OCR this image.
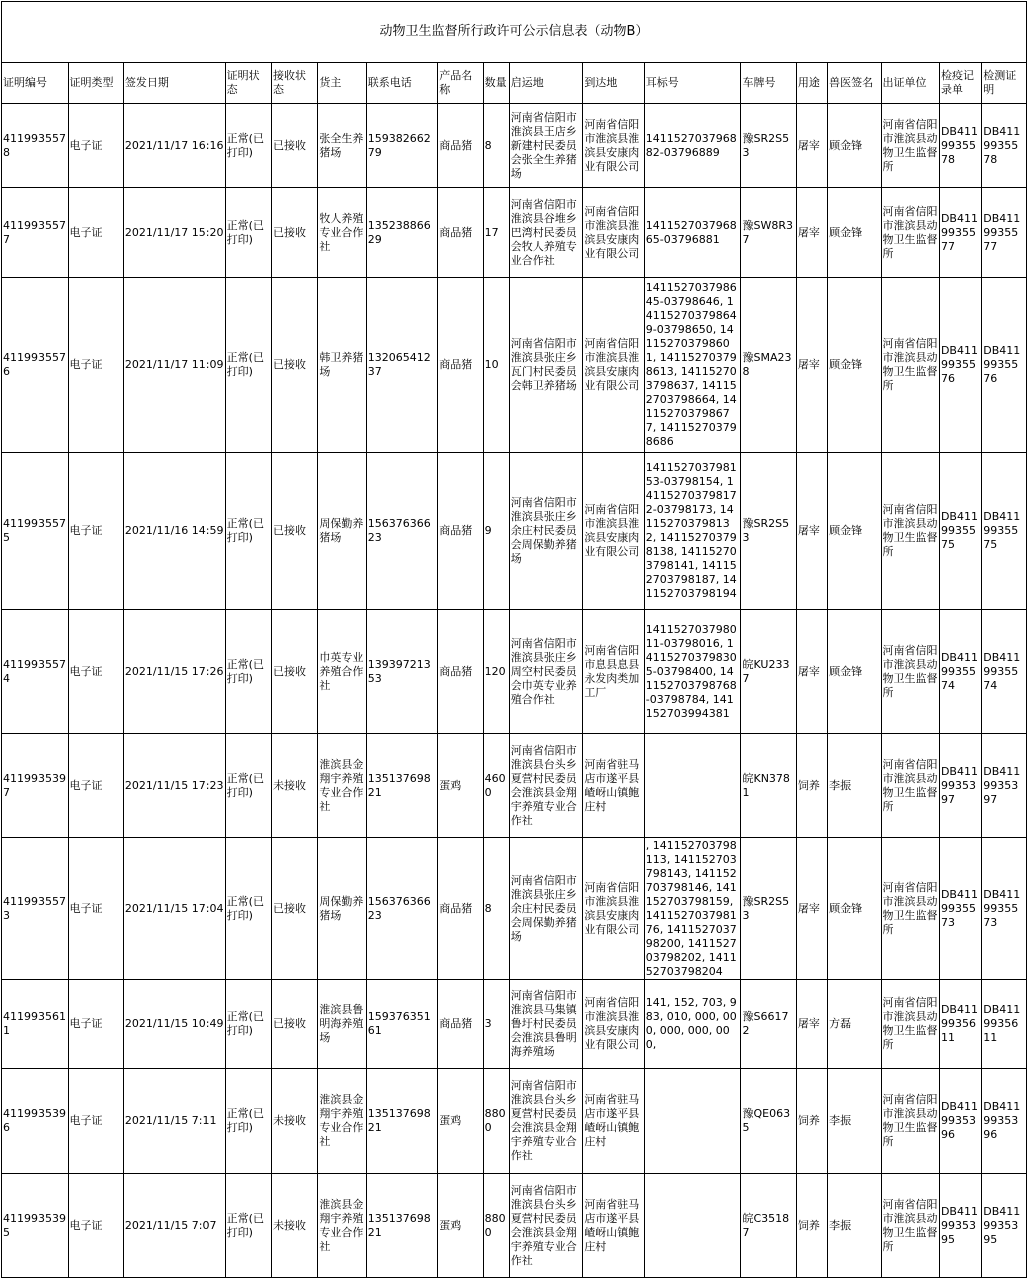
动物卫生监督所行政许可公示信息表（动物B）																	
证明编号	证明类型	签发日期	证明状态	接收状态	货主	联系电话	产品名称	数量	启运地	到达地	耳标号	车牌号	用途	兽医签名	出证单位	检疫记录单	检测证明
4119935578	电子证	2021/11/17 16:16	正常(已打印)	已接收	张全生养猪场	15938266279	商品猪	8	河南省信阳市淮滨县王店乡新建村民委员会张全生养猪场	河南省信阳市淮滨县淮滨县安康肉业有限公司	141152703796882-03796889	豫SR2S53	屠宰	顾金锋	河南省信阳市淮滨县动物卫生监督所	DB4119935578	DB4119935578
4119935577	电子证	2021/11/17 15:20	正常(已打印)	已接收	牧人养殖专业合作社	13523886629	商品猪	17	河南省信阳市淮滨县谷堆乡巴湾村民委员会牧人养殖专业合作社	河南省信阳市淮滨县淮滨县安康肉业有限公司	141152703796865-03796881	豫SW8R37	屠宰	顾金锋	河南省信阳市淮滨县动物卫生监督所	DB4119935577	DB4119935577
4119935576	电子证	2021/11/17 11:09	正常(已打印)	已接收	韩卫养猪场	13206541237	商品猪	10	河南省信阳市淮滨县张庄乡瓦门村民委员会韩卫养猪场	河南省信阳市淮滨县淮滨县安康肉业有限公司	141152703798645-03798646, 141152703798649-03798650, 141152703798601, 141152703798613, 141152703798637, 141152703798664, 141152703798677, 141152703798686	豫SMA238	屠宰	顾金锋	河南省信阳市淮滨县动物卫生监督所	DB4119935576	DB4119935576
4119935575	电子证	2021/11/16 14:59	正常(已打印)	已接收	周保勤养猪场	15637636623	商品猪	9	河南省信阳市淮滨县张庄乡余庄村民委员会周保勤养猪场	河南省信阳市淮滨县淮滨县安康肉业有限公司	141152703798153-03798154, 141152703798172-03798173, 141152703798132, 141152703798138, 141152703798141, 141152703798187, 141152703798194	豫SR2S53	屠宰	顾金锋	河南省信阳市淮滨县动物卫生监督所	DB4119935575	DB4119935575
4119935574	电子证	2021/11/15 17:26	正常(已打印)	已接收	巾英专业养殖合作社	13939721353	商品猪	120	河南省信阳市淮滨县张庄乡周空村民委员会巾英专业养殖合作社	河南省信阳市息县息县永发肉类加工厂	141152703798011-03798016, 141152703798305-03798400, 141152703798768-03798784, 141152703994381	皖KU2337	屠宰	顾金锋	河南省信阳市淮滨县动物卫生监督所	DB4119935574	DB4119935574
4119935397	电子证	2021/11/15 17:23	正常(已打印)	未接收	淮滨县金翔宇养殖专业合作社	13513769821	蛋鸡	4600	河南省信阳市淮滨县台头乡夏营村民委员会淮滨县金翔宇养殖专业合作社	河南省驻马店市遂平县嵖岈山镇鲍庄村		皖KN3781	饲养	李振	河南省信阳市淮滨县动物卫生监督所	DB4119935397	DB4119935397
4119935573	电子证	2021/11/15 17:04	正常(已打印)	已接收	周保勤养猪场	15637636623	商品猪	8	河南省信阳市淮滨县张庄乡余庄村民委员会周保勤养猪场	河南省信阳市淮滨县淮滨县安康肉业有限公司	, 141152703798113, 141152703798143, 141152703798146, 141152703798159, 141152703798176, 141152703798200, 141152703798202, 141152703798204	豫SR2S53	屠宰	顾金锋	河南省信阳市淮滨县动物卫生监督所	DB4119935573	DB4119935573
4119935611	电子证	2021/11/15 10:49	正常(已打印)	已接收	淮滨县鲁明海养殖场	15937635161	商品猪	3	河南省信阳市淮滨县马集镇鲁圩村民委员会淮滨县鲁明海养殖场	河南省信阳市淮滨县淮滨县安康肉业有限公司	141, 152, 703, 983, 010, 000, 000, 000, 000, 000,	豫S66172	屠宰	方磊	河南省信阳市淮滨县动物卫生监督所	DB4119935611	DB4119935611
4119935396	电子证	2021/11/15 7:11	正常(已打印)	未接收	淮滨县金翔宇养殖专业合作社	13513769821	蛋鸡	8800	河南省信阳市淮滨县台头乡夏营村民委员会淮滨县金翔宇养殖专业合作社	河南省驻马店市遂平县嵖岈山镇鲍庄村		豫QE0635	饲养	李振	河南省信阳市淮滨县动物卫生监督所	DB4119935396	DB4119935396
4119935395	电子证	2021/11/15 7:07	正常(已打印)	未接收	淮滨县金翔宇养殖专业合作社	13513769821	蛋鸡	8800	河南省信阳市淮滨县台头乡夏营村民委员会淮滨县金翔宇养殖专业合作社	河南省驻马店市遂平县嵖岈山镇鲍庄村		皖C35187	饲养	李振	河南省信阳市淮滨县动物卫生监督所	DB4119935395	DB4119935395
